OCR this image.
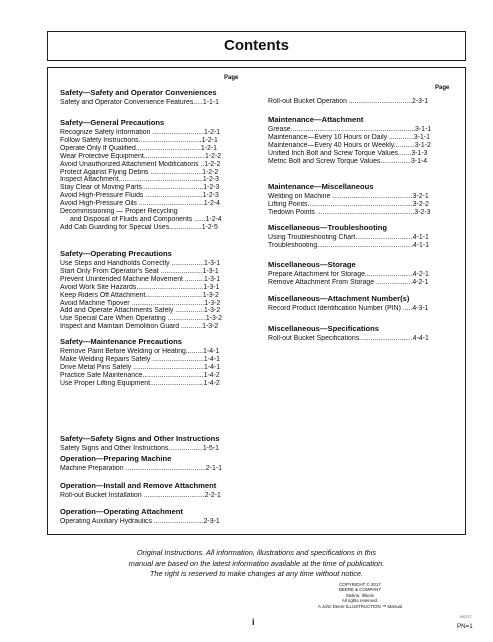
Contents
Page
Page
Safety—Safety and Operator Conveniences
Safety and Operator Convenience Features.....1-1-1
Safety—General Precautions
Recognize Safety Information ...........................1-2-1
Follow Safety Instructions.................................1-2-1
Operate Only If Qualified..................................1-2-1
Wear Protective Equipment................................1-2-2
Avoid Unauthorized Attachment Modifications ..1-2-2
Protect Against Flying Debris ...........................1-2-2
Inspect Attachment............................................1-2-3
Stay Clear of Moving Parts................................1-2-3
Avoid High-Pressure Fluids ..............................1-2-3
Avoid High-Pressure Oils ..................................1-2-4
Decommissioning — Proper Recycling
and Disposal of Fluids and Components ......1-2-4
Add Cab Guarding for Special Uses.................1-2-5
Safety—Operating Precautions
Use Steps and Handholds Correctly .................1-3-1
Start Only From Operator's Seat ......................1-3-1
Prevent Unintended Machine Movement ..........1-3-1
Avoid Work Site Hazards...................................1-3-1
Keep Riders Off Attachment..............................1-3-2
Avoid Machine Tipover ......................................1-3-2
Add and Operate Attachments Safely ...............1-3-2
Use Special Care When Operating ....................1-3-2
Inspect and Maintain Demolition Guard ...........1-3-2
Safety—Maintenance Precautions
Remove Paint Before Welding or Heating.........1-4-1
Make Welding Repairs Safely ...........................1-4-1
Drive Metal Pins Safely .....................................1-4-1
Practice Safe Maintenance................................1-4-2
Use Proper Lifting Equipment............................1-4-2
Safety—Safety Signs and Other Instructions
Safety Signs and Other Instructions..................1-5-1
Operation—Preparing Machine
Machine Preparation ..........................................2-1-1
Operation—Install and Remove Attachment
Roll-out Bucket Installation ................................2-2-1
Operation—Operating Attachment
Operating Auxiliary Hydraulics ..........................2-3-1
Roll-out Bucket Operation .................................2-3-1
Maintenance—Attachment
Grease.................................................................3-1-1
Maintenance—Every 10 Hours or Daily .............3-1-1
Maintenance—Every 40 Hours or Weekly...........3-1-2
Unified Inch Bolt and Screw Torque Values.......3-1-3
Metric Bolt and Screw Torque Values................3-1-4
Maintenance—Miscellaneous
Welding on Machine ..........................................3-2-1
Lifting Points.......................................................3-2-2
Tiedown Points ...................................................3-2-3
Miscellaneous—Troubleshooting
Using Troubleshooting Chart..............................4-1-1
Troubleshooting..................................................4-1-1
Miscellaneous—Storage
Prepare Attachment for Storage.........................4-2-1
Remove Attachment From Storage ...................4-2-1
Miscellaneous—Attachment Number(s)
Record Product Identification Number (PIN) .....4-3-1
Miscellaneous—Specifications
Roll-out Bucket Specifications............................4-4-1
Original Instructions. All information, illustrations and specifications in this
manual are based on the latest information available at the time of publication.
The right is reserved to make changes at any time without notice.
COPYRIGHT © 2017
DEERE & COMPANY
Moline, Illinois
All rights reserved.
A John Deere ILLUSTRUCTION ™ Manual
092717
i	PN=1
